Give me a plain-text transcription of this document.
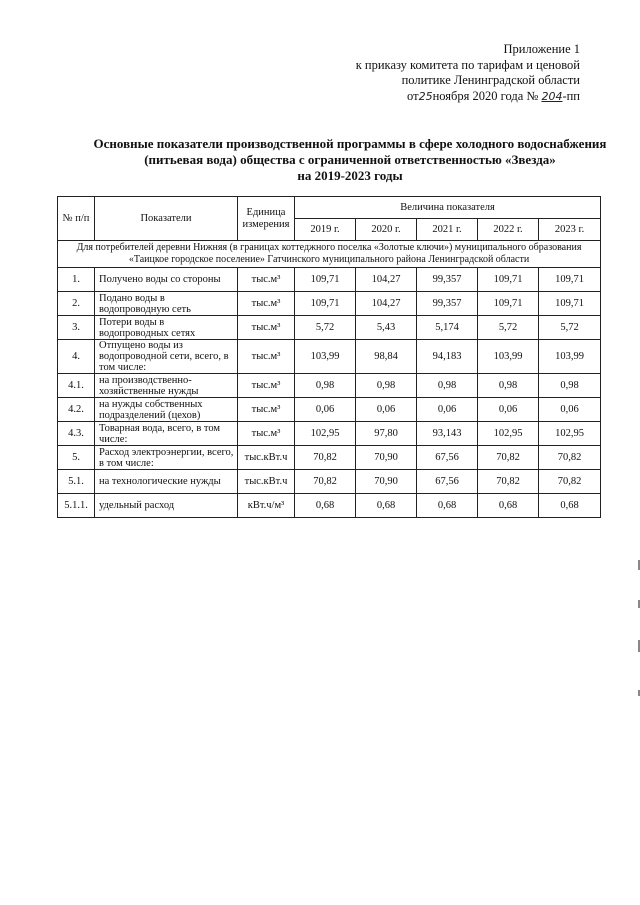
Приложение 1
к приказу комитета по тарифам и ценовой
политике Ленинградской области
от25ноября 2020 года № 204-пп
Основные показатели производственной программы в сфере холодного водоснабжения
(питьевая вода) общества с ограниченной ответственностью «Звезда»
на 2019-2023 годы
№ п/п	Показатели	Единица измерения	Величина показателя				
			2019 г.	2020 г.	2021 г.	2022 г.	2023 г.
Для потребителей деревни Нижняя (в границах коттеджного поселка «Золотые ключи») муниципального образования «Таицкое городское поселение» Гатчинского муниципального района Ленинградской области							
1.	Получено воды со стороны	тыс.м³	109,71	104,27	99,357	109,71	109,71
2.	Подано воды в водопроводную сеть	тыс.м³	109,71	104,27	99,357	109,71	109,71
3.	Потери воды в водопроводных сетях	тыс.м³	5,72	5,43	5,174	5,72	5,72
4.	Отпущено воды из водопроводной сети, всего, в том числе:	тыс.м³	103,99	98,84	94,183	103,99	103,99
4.1.	на производственно-хозяйственные нужды	тыс.м³	0,98	0,98	0,98	0,98	0,98
4.2.	на нужды собственных подразделений (цехов)	тыс.м³	0,06	0,06	0,06	0,06	0,06
4.3.	Товарная вода, всего, в том числе:	тыс.м³	102,95	97,80	93,143	102,95	102,95
5.	Расход электроэнергии, всего, в том числе:	тыс.кВт.ч	70,82	70,90	67,56	70,82	70,82
5.1.	на технологические нужды	тыс.кВт.ч	70,82	70,90	67,56	70,82	70,82
5.1.1.	удельный расход	кВт.ч/м³	0,68	0,68	0,68	0,68	0,68
